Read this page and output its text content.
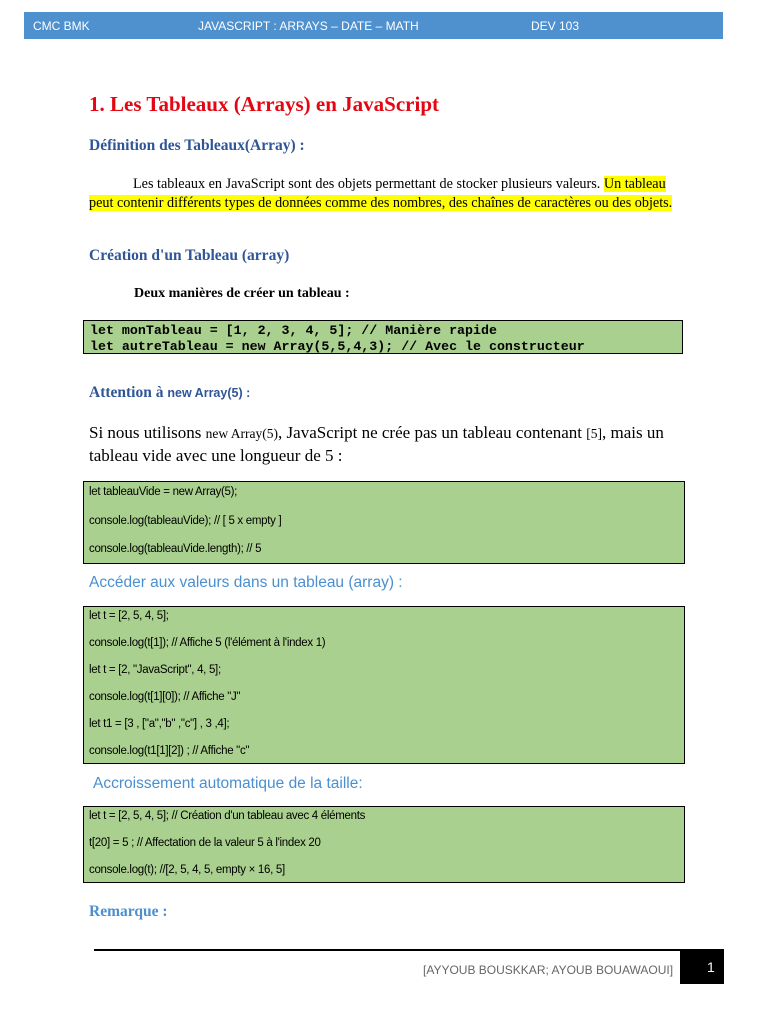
CMC BMK	JAVASCRIPT : ARRAYS – DATE – MATH	DEV 103
1. Les Tableaux (Arrays) en JavaScript
Définition des Tableaux(Array) :
Les tableaux en JavaScript sont des objets permettant de stocker plusieurs valeurs. Un tableau peut contenir différents types de données comme des nombres, des chaînes de caractères ou des objets.
Création d'un Tableau (array)
Deux manières de créer un tableau :
let monTableau = [1, 2, 3, 4, 5]; // Manière rapide
let autreTableau = new Array(5,5,4,3); // Avec le constructeur
Attention à new Array(5) :
Si nous utilisons new Array(5), JavaScript ne crée pas un tableau contenant [5], mais un tableau vide avec une longueur de 5 :
let tableauVide = new Array(5);
console.log(tableauVide); // [ 5 x empty ]
console.log(tableauVide.length); // 5
Accéder aux valeurs dans un tableau (array) :
let t = [2, 5, 4, 5];
console.log(t[1]); // Affiche 5 (l'élément à l'index 1)
let t = [2, "JavaScript", 4, 5];
console.log(t[1][0]); // Affiche "J"
let t1 = [3 , ["a","b" ,"c"] , 3 ,4];
console.log(t1[1][2]) ; // Affiche "c"
Accroissement automatique de la taille:
let t = [2, 5, 4, 5]; // Création d'un tableau avec 4 éléments
t[20] = 5 ; // Affectation de la valeur 5 à l'index 20
console.log(t); //[2, 5, 4, 5, empty × 16, 5]
Remarque :
[AYYOUB BOUSKKAR; AYOUB BOUAWAOUI] 1
